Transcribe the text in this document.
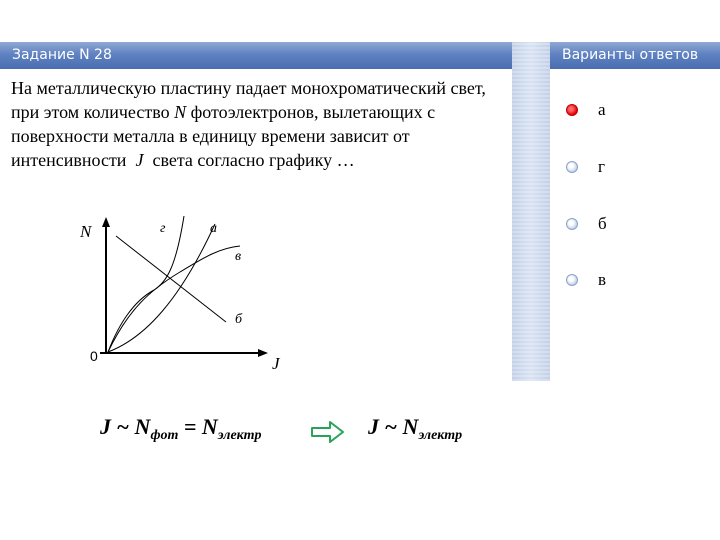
Задание N 28	Варианты ответов

На металлическую пластину падает монохроматический свет, при этом количество N фотоэлектронов, вылетающих с поверхности металла в единицу времени зависит от интенсивности  J  света согласно графику …

а
г
б
в
N
J
0
г	а
в
б
J ~ $N_{фот} = N_{электр}$	J ~ $N_{электр}$
